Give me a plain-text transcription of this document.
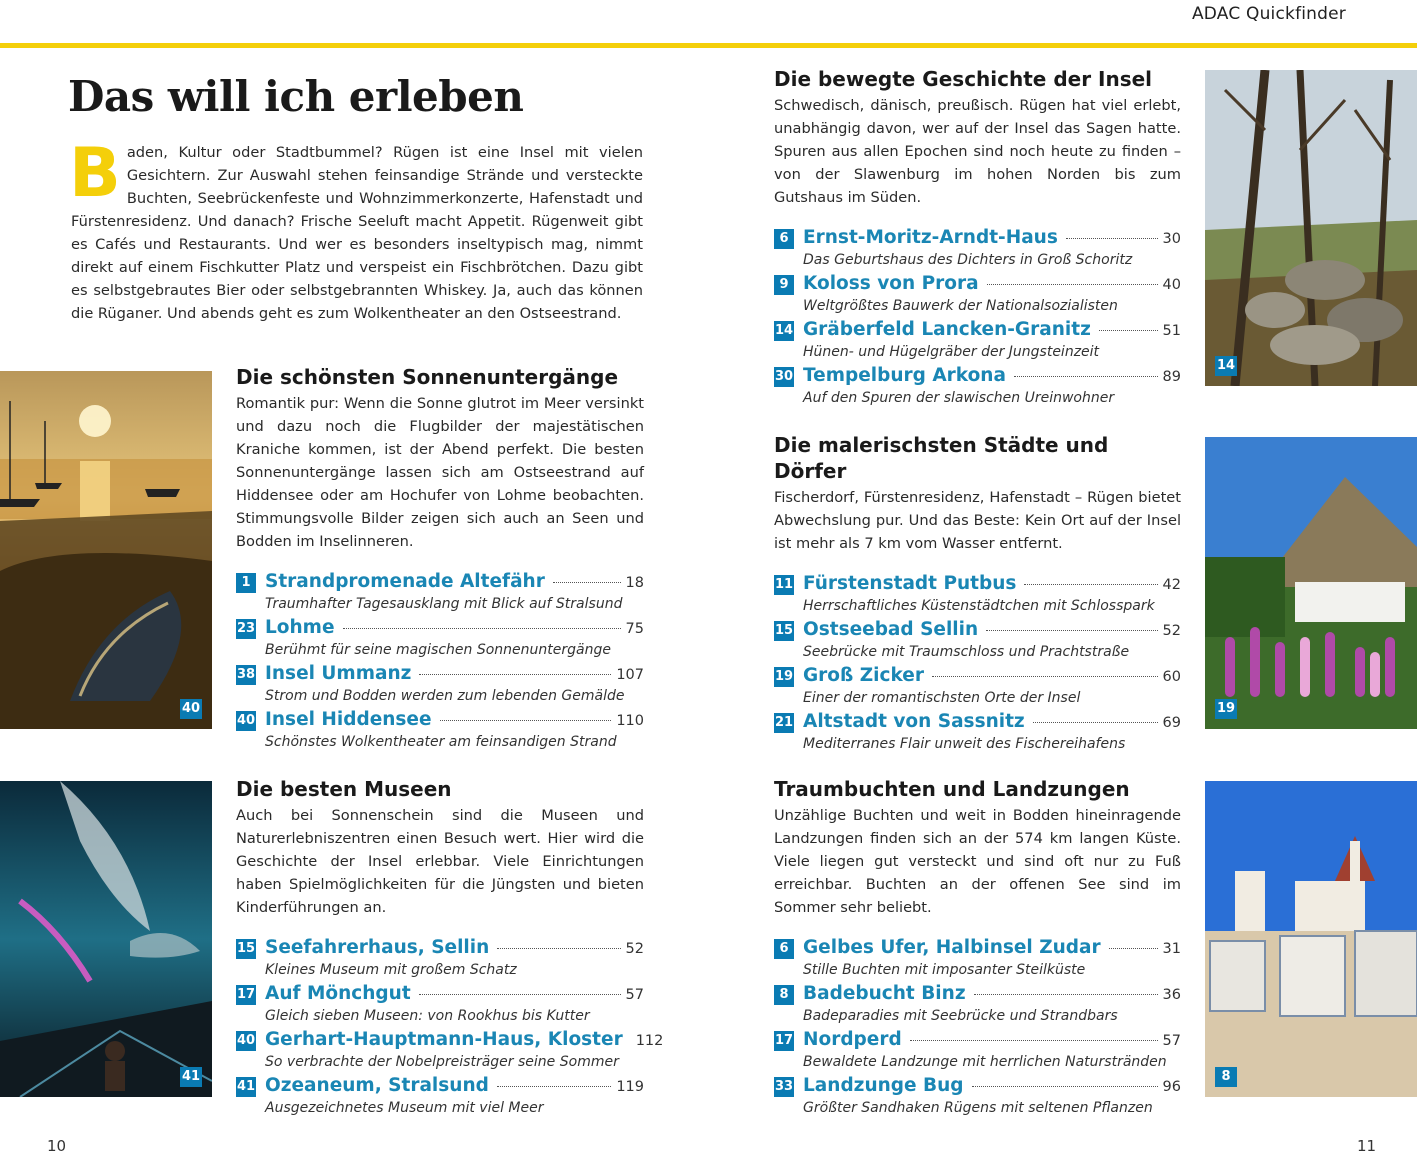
ADAC Quickfinder
Das will ich erleben
B aden, Kultur oder Stadtbummel? Rügen ist eine Insel mit vielen Gesichtern. Zur Auswahl stehen feinsandige Strände und versteckte Buchten, Seebrückenfeste und Wohnzimmerkonzerte, Hafenstadt und Fürstenresidenz. Und danach? Frische Seeluft macht Appetit. Rügenweit gibt es Cafés und Restaurants. Und wer es besonders inseltypisch mag, nimmt direkt auf einem Fischkutter Platz und verspeist ein Fischbrötchen. Dazu gibt es selbstgebrautes Bier oder selbstgebrannten Whiskey. Ja, auch das können die Rüganer. Und abends geht es zum Wolkentheater an den Ostseestrand.
40
41
14
19
8
Die schönsten Sonnenuntergänge

Romantik pur: Wenn die Sonne glutrot im Meer versinkt und dazu noch die Flugbilder der majestätischen Kraniche kommen, ist der Abend perfekt. Die besten Sonnenuntergänge lassen sich am Ostseestrand auf Hiddensee oder am Hochufer von Lohme beobachten. Stimmungsvolle Bilder zeigen sich auch an Seen und Bodden im Inselinneren.

1 Strandpromenade Altefähr	18
Traumhafter Tagesausklang mit Blick auf Stralsund
23 Lohme	75
Berühmt für seine magischen Sonnenuntergänge
38 Insel Ummanz	107
Strom und Bodden werden zum lebenden Gemälde
40 Insel Hiddensee	110
Schönstes Wolkentheater am feinsandigen Strand
Die besten Museen

Auch bei Sonnenschein sind die Museen und Naturerlebniszentren einen Besuch wert. Hier wird die Geschichte der Insel erlebbar. Viele Einrichtungen haben Spielmöglichkeiten für die Jüngsten und bieten Kinderführungen an.

15 Seefahrerhaus, Sellin	52
Kleines Museum mit großem Schatz
17 Auf Mönchgut	57
Gleich sieben Museen: von Rookhus bis Kutter
40 Gerhart-Hauptmann-Haus, Kloster 112
So verbrachte der Nobelpreisträger seine Sommer
41 Ozeaneum, Stralsund	119
Ausgezeichnetes Museum mit viel Meer
Die bewegte Geschichte der Insel

Schwedisch, dänisch, preußisch. Rügen hat viel erlebt, unabhängig davon, wer auf der Insel das Sagen hatte. Spuren aus allen Epochen sind noch heute zu finden – von der Slawenburg im hohen Norden bis zum Gutshaus im Süden.

6 Ernst-Moritz-Arndt-Haus	30
Das Geburtshaus des Dichters in Groß Schoritz
9 Koloss von Prora	40
Weltgrößtes Bauwerk der Nationalsozialisten
14 Gräberfeld Lancken-Granitz	51
Hünen- und Hügelgräber der Jungsteinzeit
30 Tempelburg Arkona	89
Auf den Spuren der slawischen Ureinwohner
Die malerischsten Städte und Dörfer

Fischerdorf, Fürstenresidenz, Hafenstadt – Rügen bietet Abwechslung pur. Und das Beste: Kein Ort auf der Insel ist mehr als 7 km vom Wasser entfernt.

11 Fürstenstadt Putbus	42
Herrschaftliches Küstenstädtchen mit Schlosspark
15 Ostseebad Sellin	52
Seebrücke mit Traumschloss und Prachtstraße
19 Groß Zicker	60
Einer der romantischsten Orte der Insel
21 Altstadt von Sassnitz	69
Mediterranes Flair unweit des Fischereihafens
Traumbuchten und Landzungen

Unzählige Buchten und weit in Bodden hineinragende Landzungen finden sich an der 574 km langen Küste. Viele liegen gut versteckt und sind oft nur zu Fuß erreichbar. Buchten an der offenen See sind im Sommer sehr beliebt.

6 Gelbes Ufer, Halbinsel Zudar	31
Stille Buchten mit imposanter Steilküste
8 Badebucht Binz	36
Badeparadies mit Seebrücke und Strandbars
17 Nordperd	57
Bewaldete Landzunge mit herrlichen Naturstränden
33 Landzunge Bug	96
Größter Sandhaken Rügens mit seltenen Pflanzen
10	11
